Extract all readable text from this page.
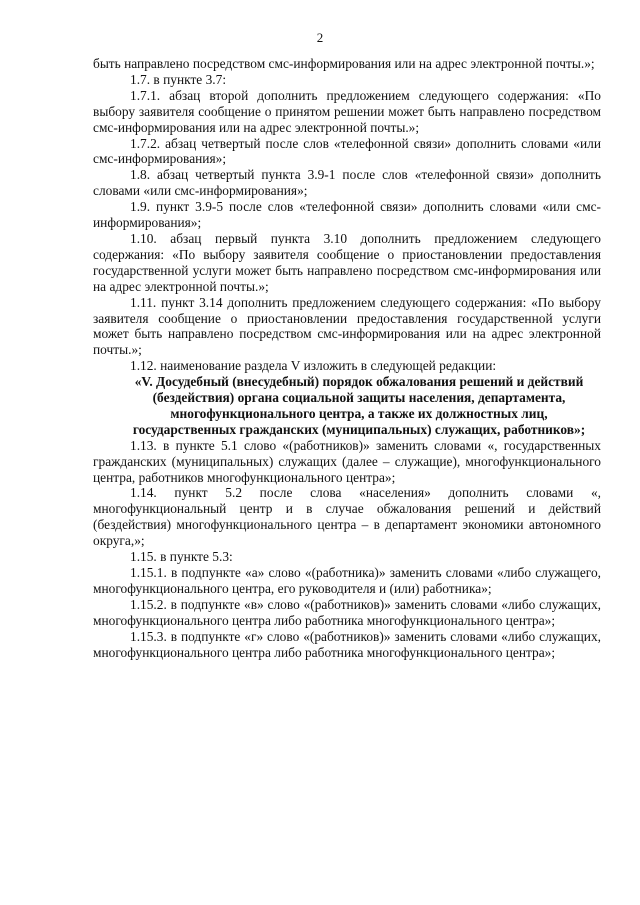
2

быть направлено посредством смс-информирования или на адрес электронной почты.»;

1.7. в пункте 3.7:

1.7.1. абзац второй дополнить предложением следующего содержания: «По выбору заявителя сообщение о принятом решении может быть направлено посредством смс-информирования или на адрес электронной почты.»;

1.7.2. абзац четвертый после слов «телефонной связи» дополнить словами «или смс-информирования»;

1.8. абзац четвертый пункта 3.9-1 после слов «телефонной связи» дополнить словами «или смс-информирования»;

1.9. пункт 3.9-5 после слов «телефонной связи» дополнить словами «или смс-информирования»;

1.10. абзац первый пункта 3.10 дополнить предложением следующего содержания: «По выбору заявителя сообщение о приостановлении предоставления государственной услуги может быть направлено посредством смс-информирования или на адрес электронной почты.»;

1.11. пункт 3.14 дополнить предложением следующего содержания: «По выбору заявителя сообщение о приостановлении предоставления государственной услуги может быть направлено посредством смс-информирования или на адрес электронной почты.»;

1.12. наименование раздела V изложить в следующей редакции:

«V. Досудебный (внесудебный) порядок обжалования решений и действий (бездействия) органа социальной защиты населения, департамента, многофункционального центра, а также их должностных лиц, государственных гражданских (муниципальных) служащих, работников»;

1.13. в пункте 5.1 слово «(работников)» заменить словами «, государственных гражданских (муниципальных) служащих (далее – служащие), многофункционального центра, работников многофункционального центра»;

1.14. пункт 5.2 после слова «населения» дополнить словами «, многофункциональный центр и в случае обжалования решений и действий (бездействия) многофункционального центра – в департамент экономики автономного округа,»;

1.15. в пункте 5.3:

1.15.1. в подпункте «а» слово «(работника)» заменить словами «либо служащего, многофункционального центра, его руководителя и (или) работника»;

1.15.2. в подпункте «в» слово «(работников)» заменить словами «либо служащих, многофункционального центра либо работника многофункционального центра»;

1.15.3. в подпункте «г» слово «(работников)» заменить словами «либо служащих, многофункционального центра либо работника многофункционального центра»;
